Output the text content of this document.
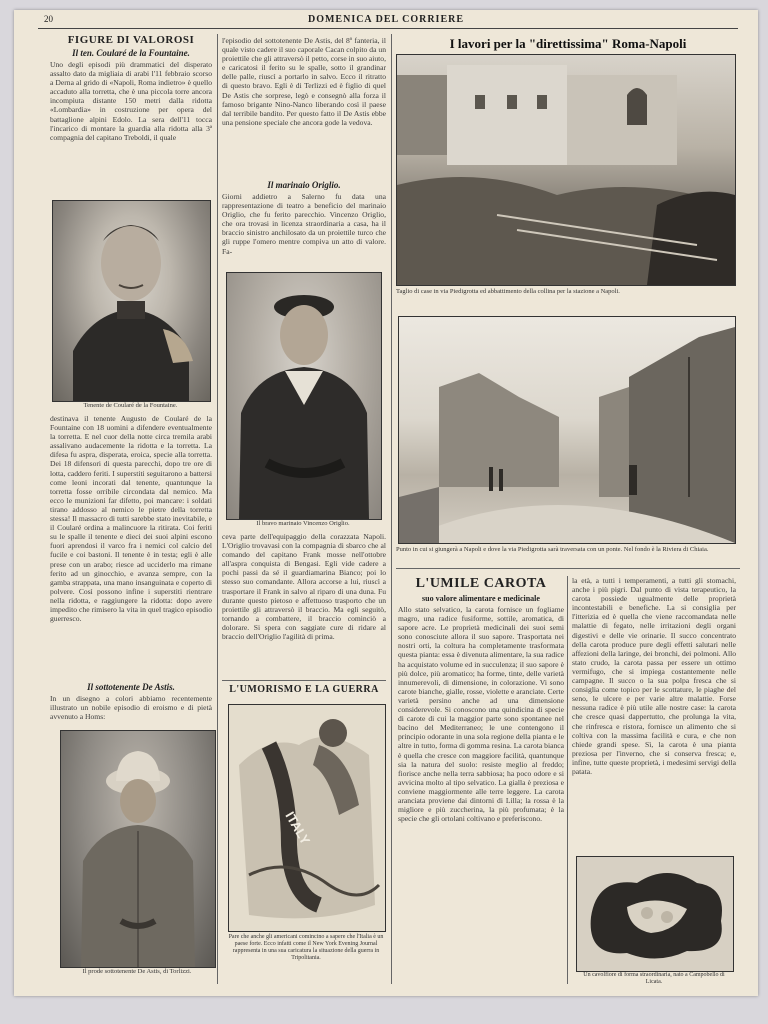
20	DOMENICA DEL CORRIERE
FIGURE DI VALOROSI
Il ten. Coularé de la Fountaine.

Uno degli episodi più drammatici del disperato assalto dato da migliaia di arabi l'11 febbraio scorso a Derna al grido di «Napoli, Roma indietro» è quello accaduto alla torretta, che è una piccola torre ancora incompiuta distante 150 metri dalla ridotta «Lombardia» in costruzione per opera del battaglione alpini Edolo. La sera dell'11 tocca l'incarico di montare la guardia alla ridotta alla 3ª compagnia del capitano Treboldi, il quale

Tenente de Coularé de la Fountaine.

destinava il tenente Augusto de Coularé de la Fountaine con 18 uomini a difendere eventualmente la torretta. E nel cuor della notte circa tremila arabi assalivano audacemente la ridotta e la torretta. La difesa fu aspra, disperata, eroica, specie alla torretta. Dei 18 difensori di questa parecchi, dopo tre ore di lotta, caddero feriti. I superstiti seguitarono a battersi come leoni incorati dal tenente, quantunque la torretta fosse orribile circondata dal nemico. Ma ecco le munizioni far difetto, poi mancare: i soldati tirano addosso al nemico le pietre della torretta stessa! Il massacro di tutti sarebbe stato inevitabile, e il Coularé ordina a malincuore la ritirata. Coi feriti su le spalle il tenente e dieci dei suoi alpini escono fuori aprendosi il varco fra i nemici col calcio del fucile e coi bastoni. Il tenente è in testa; egli è alle prese con un arabo; riesce ad ucciderlo ma rimane ferito ad un ginocchio, e avanza sempre, con la gamba strappata, una mano insanguinata e coperto di polvere. Così possono infine i superstiti rientrare nella ridotta, e raggiungere la ridotta: dopo avere impedito che rimisero la vita in quel tragico episodio guerresco.

Il sottotenente De Astis.

In un disegno a colori abbiamo recentemente illustrato un nobile episodio di eroismo e di pietà avvenuto a Homs:

Il prode sottotenente De Astis, di Torlizzi.

l'episodio del sottotenente De Astis, del 8º fanteria, il quale visto cadere il suo caporale Cacan colpito da un proiettile che gli attraversò il petto, corse in suo aiuto, e caricatosi il ferito su le spalle, sotto il grandinar delle palle, riuscì a portarlo in salvo. Ecco il ritratto di questo bravo. Egli è di Terlizzi ed è figlio di quel De Astis che sorprese, legò e consegnò alla forza il famoso brigante Nino-Nanco liberando così il paese dal terribile bandito. Per questo fatto il De Astis ebbe una pensione speciale che ancora gode la vedova.

Il marinaio Origlio.

Giorni addietro a Salerno fu data una rappresentazione di teatro a beneficio del marinaio Origlio, che fu ferito parecchio. Vincenzo Origlio, che ora trovasi in licenza straordinaria a casa, ha il braccio sinistro anchilosato da un proiettile turco che gli ruppe l'omero mentre compiva un atto di valore. Fa-

Il bravo marinaio Vincenzo Origlio.

ceva parte dell'equipaggio della corazzata Napoli. L'Origlio trovavasi con la compagnia di sbarco che al comando del capitano Frank mosse nell'ottobre all'aspra conquista di Bengasi. Egli vide cadere a pochi passi da sé il guardiamarina Bianco; poi lo stesso suo comandante. Allora accorse a lui, riuscì a trasportare il Frank in salvo al riparo di una duna. Fu durante questo pietoso e affettuoso trasporto che un proiettile gli attraversò il braccio. Ma egli seguitò, tornando a combattere, il braccio cominciò a dolorare. Si spera con saggiate cure di ridare al braccio dell'Origlio l'agilità di prima.

L'UMORISMO E LA GUERRA
ITALY
Pare che anche gli americani comincino a sapere che l'Italia è un paese forte. Ecco infatti come il New York Evening Journal rappresenta in una sua caricatura la situazione della guerra in Tripolitania.
I lavori per la "direttissima" Roma-Napoli
Taglio di case in via Piedigrotta ed abbattimento della collina per la stazione a Napoli.
Punto in cui si giungerà a Napoli e dove la via Piedigrotta sarà traversata con un ponte. Nel fondo è la Riviera di Chiaia.
L'UMILE CAROTA
suo valore alimentare e medicinale

Allo stato selvatico, la carota fornisce un fogliame magro, una radice fusiforme, sottile, aromatica, di sapore acre. Le proprietà medicinali dei suoi semi sono conosciute allora il suo sapore. Trasportata nei nostri orti, la coltura ha completamente trasformata questa pianta: essa è divenuta alimentare, la sua radice ha acquistato volume ed in succulenza; il suo sapore è più dolce, più aromatico; ha forme, tinte, delle varietà innumerevoli, di dimensione, in colorazione. Vi sono carote bianche, gialle, rosse, violette e aranciate. Certe varietà persino anche ad una dimensione considerevole. Si conoscono una quindicina di specie di carote di cui la maggior parte sono spontanee nel bacino del Mediterraneo; le une contengono il principio odorante in una sola regione della pianta e le altre in tutto, forma di gomma resina. La carota bianca è quella che cresce con maggiore facilità, quantunque sia la natura del suolo: resiste meglio al freddo; fiorisce anche nella terra sabbiosa; ha poco odore e si avvicina molto al tipo selvatico. La gialla è preziosa e conviene maggiormente alle terre leggere. La carota aranciata proviene dai dintorni di Lilla; la rossa è la migliore e più zuccherina, la più profumata; è la specie che gli ortolani coltivano e preferiscono.

la età, a tutti i temperamenti, a tutti gli stomachi, anche i più pigri. Dal punto di vista terapeutico, la carota possiede ugualmente delle proprietà incontestabili e benefiche. La si consiglia per l'itterizia ed è quella che viene raccomandata nelle malattie di fegato, nelle irritazioni degli organi digestivi e delle vie orinarie. Il succo concentrato della carota produce pure degli effetti salutari nelle affezioni della laringe, dei bronchi, dei polmoni. Allo stato crudo, la carota passa per essere un ottimo vermifugo, che si impiega costantemente nelle campagne. Il succo o la sua polpa fresca che si consiglia come topico per le scottature, le piaghe del seno, le ulcere e per varie altre malattie. Forse nessuna radice è più utile alle nostre case: la carota che cresce quasi dappertutto, che prolunga la vita, che rinfresca e ristora, fornisce un alimento che si coltiva con la massima facilità e cura, e che non chiede grandi spese. Sì, la carota è una pianta preziosa per l'inverno, che si conserva fresca; e, infine, tutte queste proprietà, i medesimi servigi della patata.

Un cavolfiore di forma straordinaria, nato a Campobello di Licata.
